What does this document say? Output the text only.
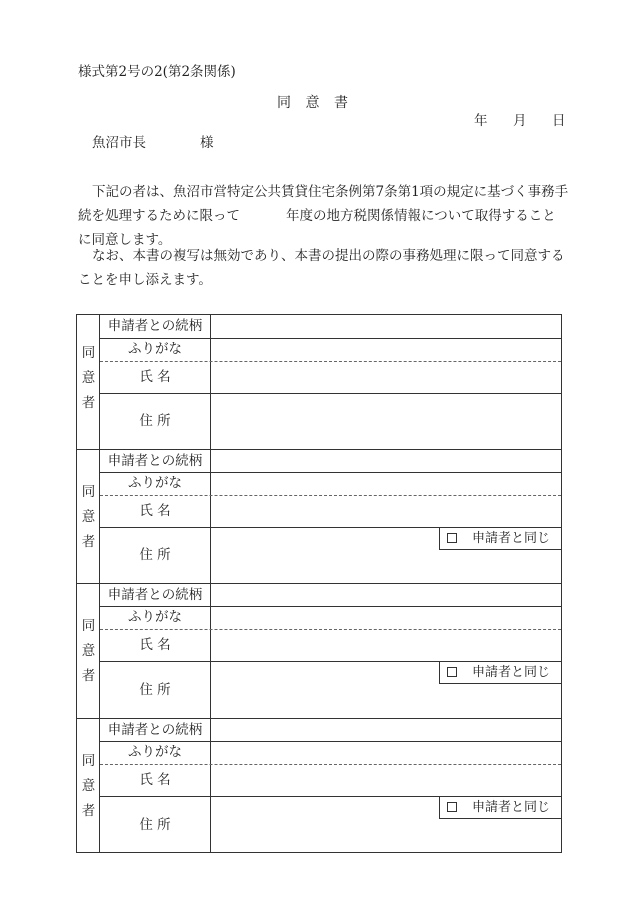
様式第2号の2(第2条関係)
同 意 書
年 月 日
魚沼市長	様
下記の者は、魚沼市営特定公共賃貸住宅条例第7条第1項の規定に基づく事務手
続を処理するために限って	年度の地方税関係情報について取得すること
に同意します。
なお、本書の複写は無効であり、本書の提出の際の事務処理に限って同意する
ことを申し添えます。
同
意
者
申請者との続柄
ふりがな
氏 名
住 所
同
意
者
申請者との続柄
ふりがな
氏 名
住 所
申請者と同じ
同
意
者
申請者との続柄
ふりがな
氏 名
住 所
申請者と同じ
同
意
者
申請者との続柄
ふりがな
氏 名
住 所
申請者と同じ
